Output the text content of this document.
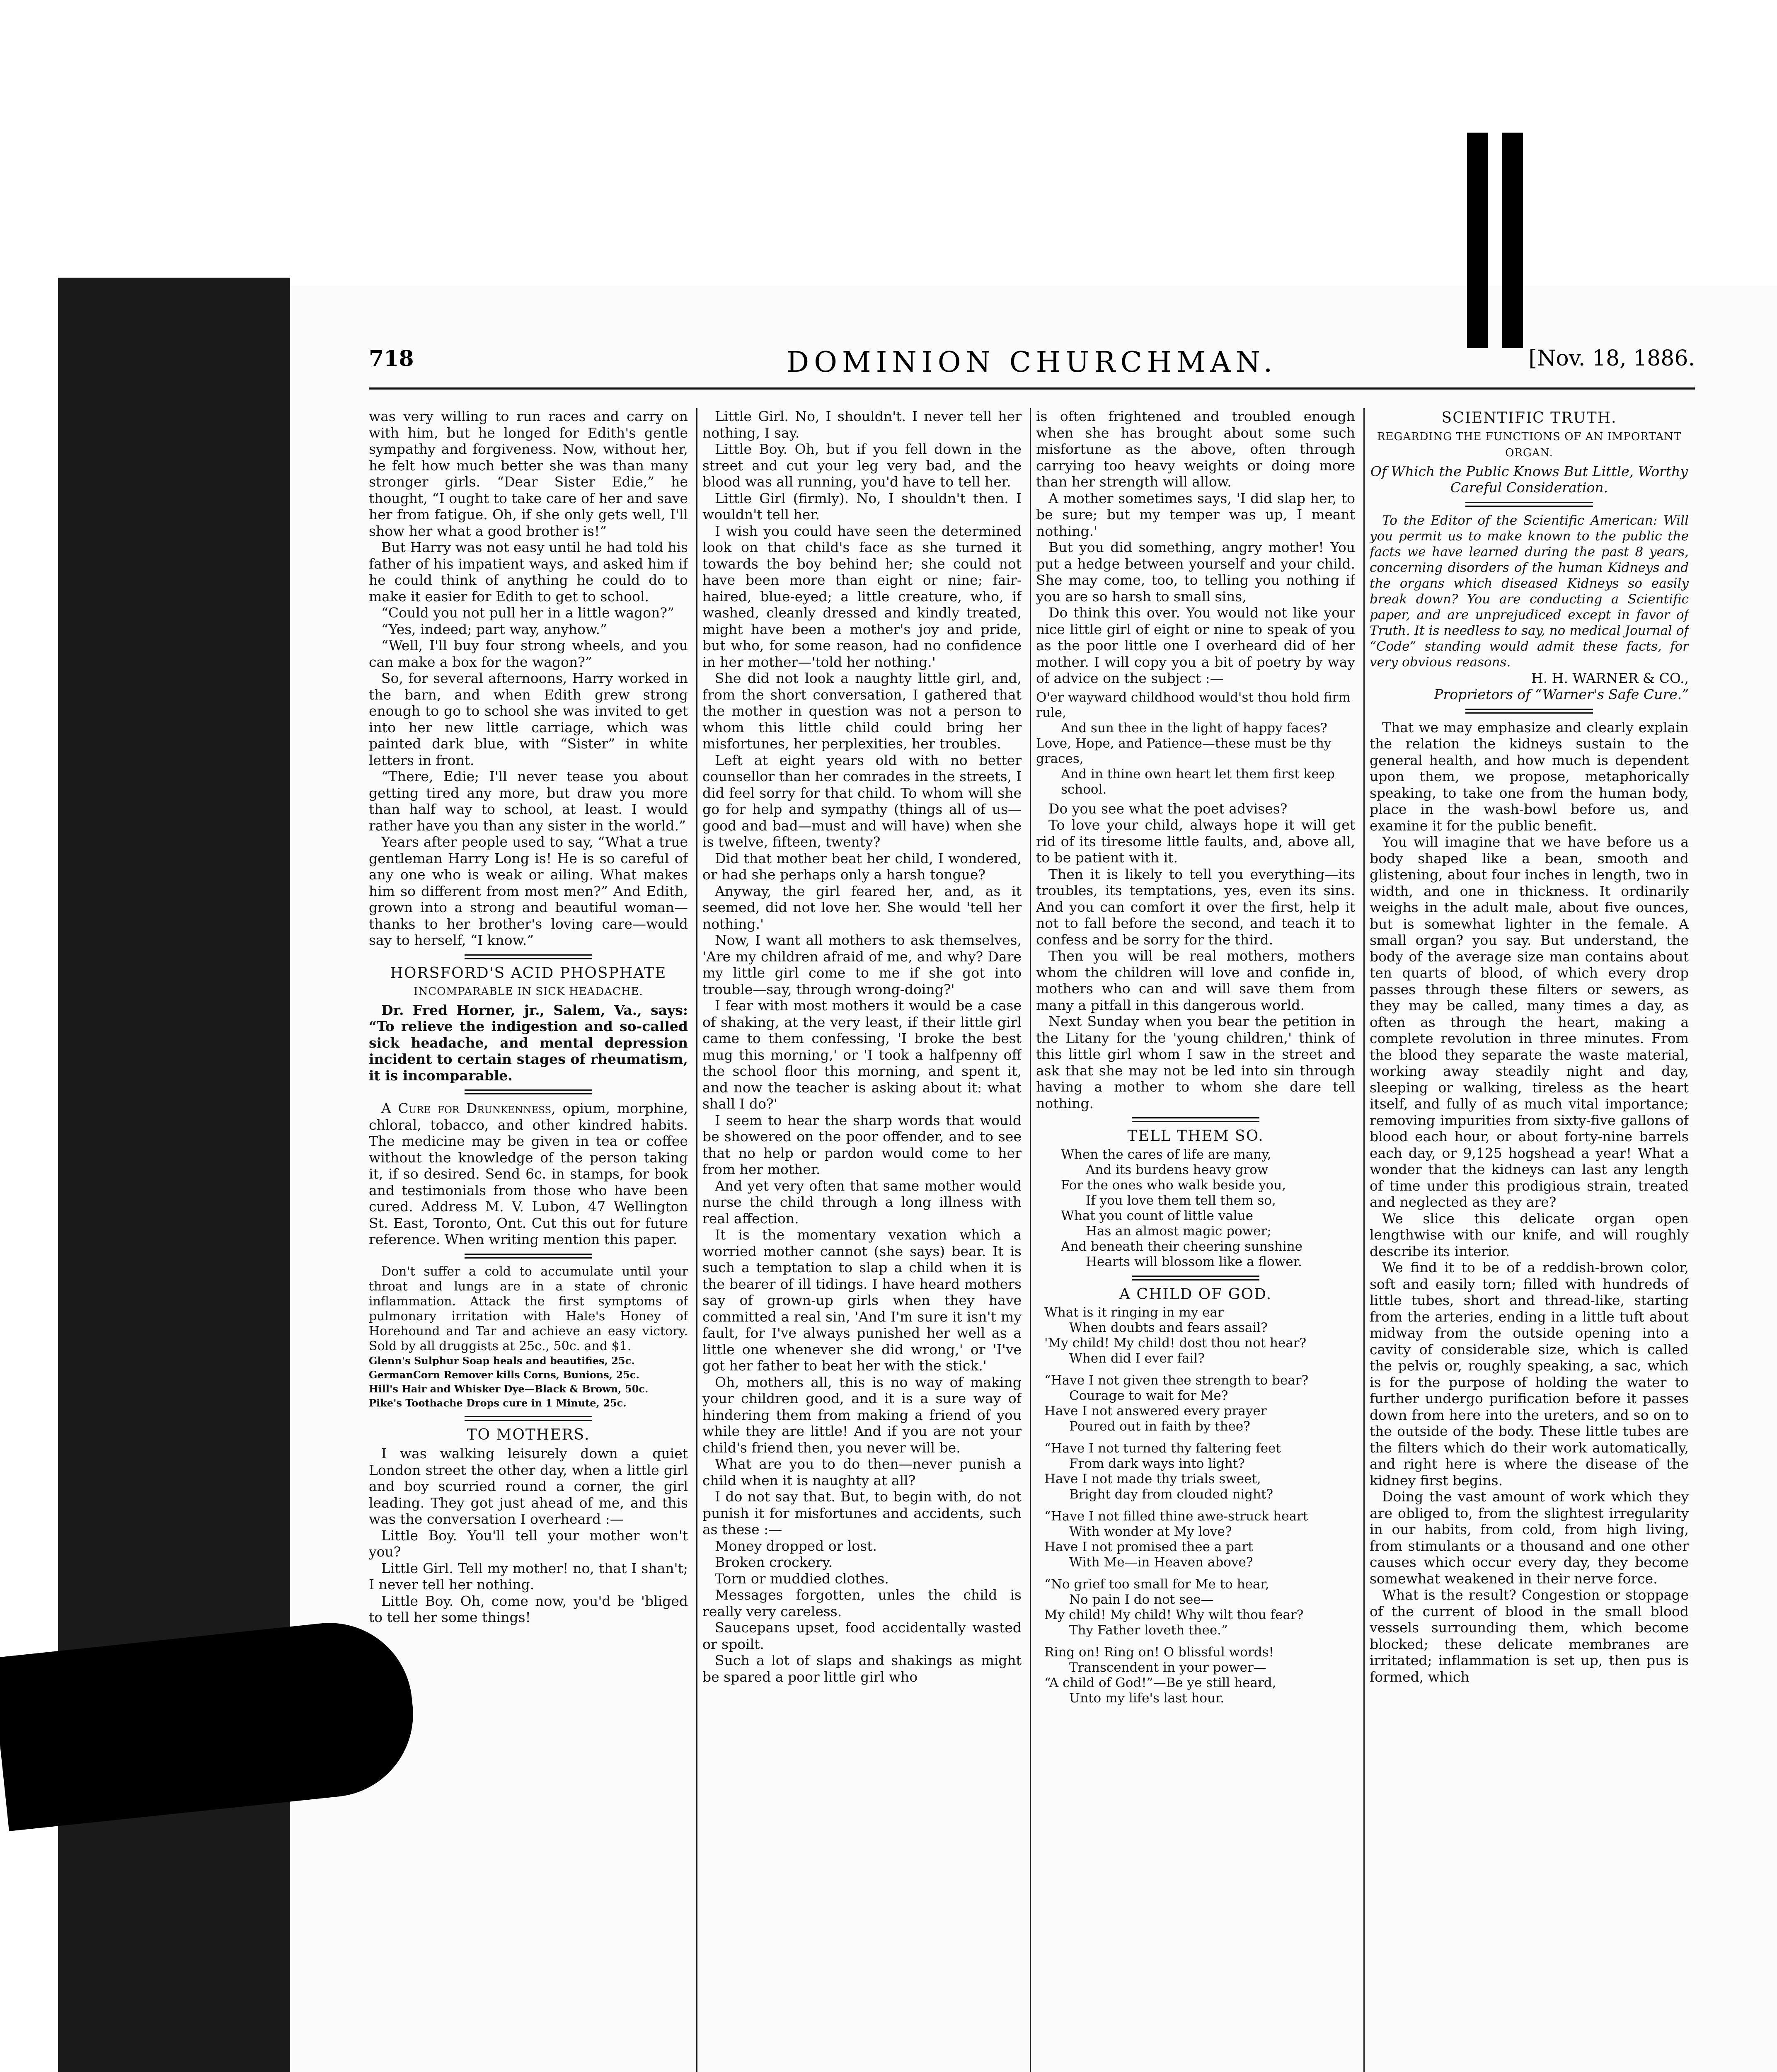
DOMINION CHURCHMAN.
718	[Nov. 18, 1886.

was very willing to run races and carry on with him, but he longed for Edith's gentle sympathy and forgiveness. Now, without her, he felt how much better she was than many stronger girls. “Dear Sister Edie,” he thought, “I ought to take care of her and save her from fatigue. Oh, if she only gets well, I'll show her what a good brother is!”

But Harry was not easy until he had told his father of his impatient ways, and asked him if he could think of anything he could do to make it easier for Edith to get to school.

“Could you not pull her in a little wagon?”

“Yes, indeed; part way, anyhow.”

“Well, I'll buy four strong wheels, and you can make a box for the wagon?”

So, for several afternoons, Harry worked in the barn, and when Edith grew strong enough to go to school she was invited to get into her new little carriage, which was painted dark blue, with “Sister” in white letters in front.

“There, Edie; I'll never tease you about getting tired any more, but draw you more than half way to school, at least. I would rather have you than any sister in the world.”

Years after people used to say, “What a true gentleman Harry Long is! He is so careful of any one who is weak or ailing. What makes him so different from most men?” And Edith, grown into a strong and beautiful woman—thanks to her brother's loving care—would say to herself, “I know.”

HORSFORD'S ACID PHOSPHATE
INCOMPARABLE IN SICK HEADACHE.

Dr. Fred Horner, jr., Salem, Va., says: “To relieve the indigestion and so-called sick headache, and mental depression incident to certain stages of rheumatism, it is incomparable.

A Cure for Drunkenness, opium, morphine, chloral, tobacco, and other kindred habits. The medicine may be given in tea or coffee without the knowledge of the person taking it, if so desired. Send 6c. in stamps, for book and testimonials from those who have been cured. Address M. V. Lubon, 47 Wellington St. East, Toronto, Ont. Cut this out for future reference. When writing mention this paper.

Don't suffer a cold to accumulate until your throat and lungs are in a state of chronic inflammation. Attack the first symptoms of pulmonary irritation with Hale's Honey of Horehound and Tar and achieve an easy victory. Sold by all druggists at 25c., 50c. and $1.

Glenn's Sulphur Soap heals and beautifies, 25c.
GermanCorn Remover kills Corns, Bunions, 25c.
Hill's Hair and Whisker Dye—Black & Brown, 50c.
Pike's Toothache Drops cure in 1 Minute, 25c.
TO MOTHERS.

I was walking leisurely down a quiet London street the other day, when a little girl and boy scurried round a corner, the girl leading. They got just ahead of me, and this was the conversation I overheard :—

Little Boy. You'll tell your mother won't you?

Little Girl. Tell my mother! no, that I shan't; I never tell her nothing.

Little Boy. Oh, come now, you'd be 'bliged to tell her some things!

Little Girl. No, I shouldn't. I never tell her nothing, I say.

Little Boy. Oh, but if you fell down in the street and cut your leg very bad, and the blood was all running, you'd have to tell her.

Little Girl (firmly). No, I shouldn't then. I wouldn't tell her.

I wish you could have seen the determined look on that child's face as she turned it towards the boy behind her; she could not have been more than eight or nine; fair-haired, blue-eyed; a little creature, who, if washed, cleanly dressed and kindly treated, might have been a mother's joy and pride, but who, for some reason, had no confidence in her mother—'told her nothing.'

She did not look a naughty little girl, and, from the short conversation, I gathered that the mother in question was not a person to whom this little child could bring her misfortunes, her perplexities, her troubles.

Left at eight years old with no better counsellor than her comrades in the streets, I did feel sorry for that child. To whom will she go for help and sympathy (things all of us—good and bad—must and will have) when she is twelve, fifteen, twenty?

Did that mother beat her child, I wondered, or had she perhaps only a harsh tongue?

Anyway, the girl feared her, and, as it seemed, did not love her. She would 'tell her nothing.'

Now, I want all mothers to ask themselves, 'Are my children afraid of me, and why? Dare my little girl come to me if she got into trouble—say, through wrong-doing?'

I fear with most mothers it would be a case of shaking, at the very least, if their little girl came to them confessing, 'I broke the best mug this morning,' or 'I took a halfpenny off the school floor this morning, and spent it, and now the teacher is asking about it: what shall I do?'

I seem to hear the sharp words that would be showered on the poor offender, and to see that no help or pardon would come to her from her mother.

And yet very often that same mother would nurse the child through a long illness with real affection.

It is the momentary vexation which a worried mother cannot (she says) bear. It is such a temptation to slap a child when it is the bearer of ill tidings. I have heard mothers say of grown-up girls when they have committed a real sin, 'And I'm sure it isn't my fault, for I've always punished her well as a little one whenever she did wrong,' or 'I've got her father to beat her with the stick.'

Oh, mothers all, this is no way of making your children good, and it is a sure way of hindering them from making a friend of you while they are little! And if you are not your child's friend then, you never will be.

What are you to do then—never punish a child when it is naughty at all?

I do not say that. But, to begin with, do not punish it for misfortunes and accidents, such as these :—

Money dropped or lost.

Broken crockery.

Torn or muddied clothes.

Messages forgotten, unles the child is really very careless.

Saucepans upset, food accidentally wasted or spoilt.

Such a lot of slaps and shakings as might be spared a poor little girl who

is often frightened and troubled enough when she has brought about some such misfortune as the above, often through carrying too heavy weights or doing more than her strength will allow.

A mother sometimes says, 'I did slap her, to be sure; but my temper was up, I meant nothing.'

But you did something, angry mother! You put a hedge between yourself and your child. She may come, too, to telling you nothing if you are so harsh to small sins,

Do think this over. You would not like your nice little girl of eight or nine to speak of you as the poor little one I overheard did of her mother. I will copy you a bit of poetry by way of advice on the subject :—

O'er wayward childhood would'st thou hold firm rule,
And sun thee in the light of happy faces?
Love, Hope, and Patience—these must be thy graces,
And in thine own heart let them first keep school.

Do you see what the poet advises?

To love your child, always hope it will get rid of its tiresome little faults, and, above all, to be patient with it.

Then it is likely to tell you everything—its troubles, its temptations, yes, even its sins. And you can comfort it over the first, help it not to fall before the second, and teach it to confess and be sorry for the third.

Then you will be real mothers, mothers whom the children will love and confide in, mothers who can and will save them from many a pitfall in this dangerous world.

Next Sunday when you bear the petition in the Litany for the 'young children,' think of this little girl whom I saw in the street and ask that she may not be led into sin through having a mother to whom she dare tell nothing.

TELL THEM SO.
When the cares of life are many,
And its burdens heavy grow
For the ones who walk beside you,
If you love them tell them so,
What you count of little value
Has an almost magic power;
And beneath their cheering sunshine
Hearts will blossom like a flower.
A CHILD OF GOD.
What is it ringing in my ear
When doubts and fears assail?
'My child! My child! dost thou not hear?
When did I ever fail?
“Have I not given thee strength to bear?
Courage to wait for Me?
Have I not answered every prayer
Poured out in faith by thee?
“Have I not turned thy faltering feet
From dark ways into light?
Have I not made thy trials sweet,
Bright day from clouded night?
“Have I not filled thine awe-struck heart
With wonder at My love?
Have I not promised thee a part
With Me—in Heaven above?
“No grief too small for Me to hear,
No pain I do not see—
My child! My child! Why wilt thou fear?
Thy Father loveth thee.”
Ring on! Ring on! O blissful words!
Transcendent in your power—
“A child of God!”—Be ye still heard,
Unto my life's last hour.
SCIENTIFIC TRUTH.
REGARDING THE FUNCTIONS OF AN IMPORTANT ORGAN.
Of Which the Public Knows But Little, Worthy Careful Consideration.

To the Editor of the Scientific American: Will you permit us to make known to the public the facts we have learned during the past 8 years, concerning disorders of the human Kidneys and the organs which diseased Kidneys so easily break down? You are conducting a Scientific paper, and are unprejudiced except in favor of Truth. It is needless to say, no medical Journal of “Code” standing would admit these facts, for very obvious reasons.

H. H. WARNER & CO.,
Proprietors of “Warner's Safe Cure.”

That we may emphasize and clearly explain the relation the kidneys sustain to the general health, and how much is dependent upon them, we propose, metaphorically speaking, to take one from the human body, place in the wash-bowl before us, and examine it for the public benefit.

You will imagine that we have before us a body shaped like a bean, smooth and glistening, about four inches in length, two in width, and one in thickness. It ordinarily weighs in the adult male, about five ounces, but is somewhat lighter in the female. A small organ? you say. But understand, the body of the average size man contains about ten quarts of blood, of which every drop passes through these filters or sewers, as they may be called, many times a day, as often as through the heart, making a complete revolution in three minutes. From the blood they separate the waste material, working away steadily night and day, sleeping or walking, tireless as the heart itself, and fully of as much vital importance; removing impurities from sixty-five gallons of blood each hour, or about forty-nine barrels each day, or 9,125 hogshead a year! What a wonder that the kidneys can last any length of time under this prodigious strain, treated and neglected as they are?

We slice this delicate organ open lengthwise with our knife, and will roughly describe its interior.

We find it to be of a reddish-brown color, soft and easily torn; filled with hundreds of little tubes, short and thread-like, starting from the arteries, ending in a little tuft about midway from the outside opening into a cavity of considerable size, which is called the pelvis or, roughly speaking, a sac, which is for the purpose of holding the water to further undergo purification before it passes down from here into the ureters, and so on to the outside of the body. These little tubes are the filters which do their work automatically, and right here is where the disease of the kidney first begins.

Doing the vast amount of work which they are obliged to, from the slightest irregularity in our habits, from cold, from high living, from stimulants or a thousand and one other causes which occur every day, they become somewhat weakened in their nerve force.

What is the result? Congestion or stoppage of the current of blood in the small blood vessels surrounding them, which become blocked; these delicate membranes are irritated; inflammation is set up, then pus is formed, which
